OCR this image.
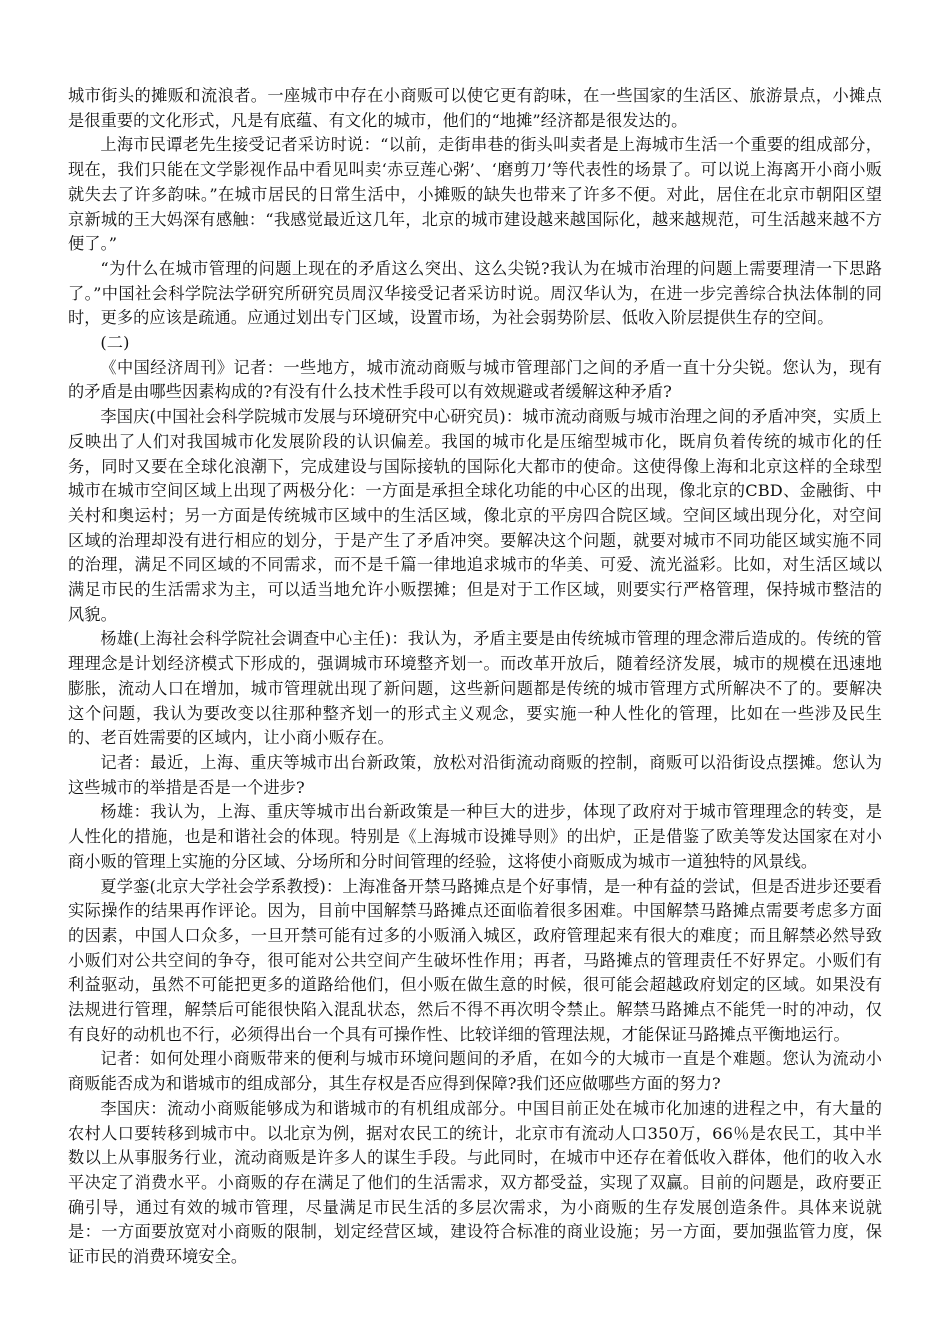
城市街头的摊贩和流浪者。一座城市中存在小商贩可以使它更有韵味，在一些国家的生活区、旅游景点，小摊点是很重要的文化形式，凡是有底蕴、有文化的城市，他们的“地摊”经济都是很发达的。

上海市民谭老先生接受记者采访时说：“以前，走街串巷的街头叫卖者是上海城市生活一个重要的组成部分，现在，我们只能在文学影视作品中看见叫卖‘赤豆莲心粥’、‘磨剪刀’等代表性的场景了。可以说上海离开小商小贩就失去了许多韵味。”在城市居民的日常生活中，小摊贩的缺失也带来了许多不便。对此，居住在北京市朝阳区望京新城的王大妈深有感触：“我感觉最近这几年，北京的城市建设越来越国际化，越来越规范，可生活越来越不方便了。”

“为什么在城市管理的问题上现在的矛盾这么突出、这么尖锐?我认为在城市治理的问题上需要理清一下思路了。”中国社会科学院法学研究所研究员周汉华接受记者采访时说。周汉华认为，在进一步完善综合执法体制的同时，更多的应该是疏通。应通过划出专门区域，设置市场，为社会弱势阶层、低收入阶层提供生存的空间。

(二)

《中国经济周刊》记者：一些地方，城市流动商贩与城市管理部门之间的矛盾一直十分尖锐。您认为，现有的矛盾是由哪些因素构成的?有没有什么技术性手段可以有效规避或者缓解这种矛盾?

李国庆(中国社会科学院城市发展与环境研究中心研究员)：城市流动商贩与城市治理之间的矛盾冲突，实质上反映出了人们对我国城市化发展阶段的认识偏差。我国的城市化是压缩型城市化，既肩负着传统的城市化的任务，同时又要在全球化浪潮下，完成建设与国际接轨的国际化大都市的使命。这使得像上海和北京这样的全球型城市在城市空间区域上出现了两极分化：一方面是承担全球化功能的中心区的出现，像北京的CBD、金融街、中关村和奥运村；另一方面是传统城市区域中的生活区域，像北京的平房四合院区域。空间区域出现分化，对空间区域的治理却没有进行相应的划分，于是产生了矛盾冲突。要解决这个问题，就要对城市不同功能区域实施不同的治理，满足不同区域的不同需求，而不是千篇一律地追求城市的华美、可爱、流光溢彩。比如，对生活区域以满足市民的生活需求为主，可以适当地允许小贩摆摊；但是对于工作区域，则要实行严格管理，保持城市整洁的风貌。

杨雄(上海社会科学院社会调查中心主任)：我认为，矛盾主要是由传统城市管理的理念滞后造成的。传统的管理理念是计划经济模式下形成的，强调城市环境整齐划一。而改革开放后，随着经济发展，城市的规模在迅速地膨胀，流动人口在增加，城市管理就出现了新问题，这些新问题都是传统的城市管理方式所解决不了的。要解决这个问题，我认为要改变以往那种整齐划一的形式主义观念，要实施一种人性化的管理，比如在一些涉及民生的、老百姓需要的区域内，让小商小贩存在。

记者：最近，上海、重庆等城市出台新政策，放松对沿街流动商贩的控制，商贩可以沿街设点摆摊。您认为这些城市的举措是否是一个进步?

杨雄：我认为，上海、重庆等城市出台新政策是一种巨大的进步，体现了政府对于城市管理理念的转变，是人性化的措施，也是和谐社会的体现。特别是《上海城市设摊导则》的出炉，正是借鉴了欧美等发达国家在对小商小贩的管理上实施的分区域、分场所和分时间管理的经验，这将使小商贩成为城市一道独特的风景线。

夏学銮(北京大学社会学系教授)：上海准备开禁马路摊点是个好事情，是一种有益的尝试，但是否进步还要看实际操作的结果再作评论。因为，目前中国解禁马路摊点还面临着很多困难。中国解禁马路摊点需要考虑多方面的因素，中国人口众多，一旦开禁可能有过多的小贩涌入城区，政府管理起来有很大的难度；而且解禁必然导致小贩们对公共空间的争夺，很可能对公共空间产生破坏性作用；再者，马路摊点的管理责任不好界定。小贩们有利益驱动，虽然不可能把更多的道路给他们，但小贩在做生意的时候，很可能会超越政府划定的区域。如果没有法规进行管理，解禁后可能很快陷入混乱状态，然后不得不再次明令禁止。解禁马路摊点不能凭一时的冲动，仅有良好的动机也不行，必须得出台一个具有可操作性、比较详细的管理法规，才能保证马路摊点平衡地运行。

记者：如何处理小商贩带来的便利与城市环境问题间的矛盾，在如今的大城市一直是个难题。您认为流动小商贩能否成为和谐城市的组成部分，其生存权是否应得到保障?我们还应做哪些方面的努力?

李国庆：流动小商贩能够成为和谐城市的有机组成部分。中国目前正处在城市化加速的进程之中，有大量的农村人口要转移到城市中。以北京为例，据对农民工的统计，北京市有流动人口350万，66％是农民工，其中半数以上从事服务行业，流动商贩是许多人的谋生手段。与此同时，在城市中还存在着低收入群体，他们的收入水平决定了消费水平。小商贩的存在满足了他们的生活需求，双方都受益，实现了双赢。目前的问题是，政府要正确引导，通过有效的城市管理，尽量满足市民生活的多层次需求，为小商贩的生存发展创造条件。具体来说就是：一方面要放宽对小商贩的限制，划定经营区域，建设符合标准的商业设施；另一方面，要加强监管力度，保证市民的消费环境安全。
